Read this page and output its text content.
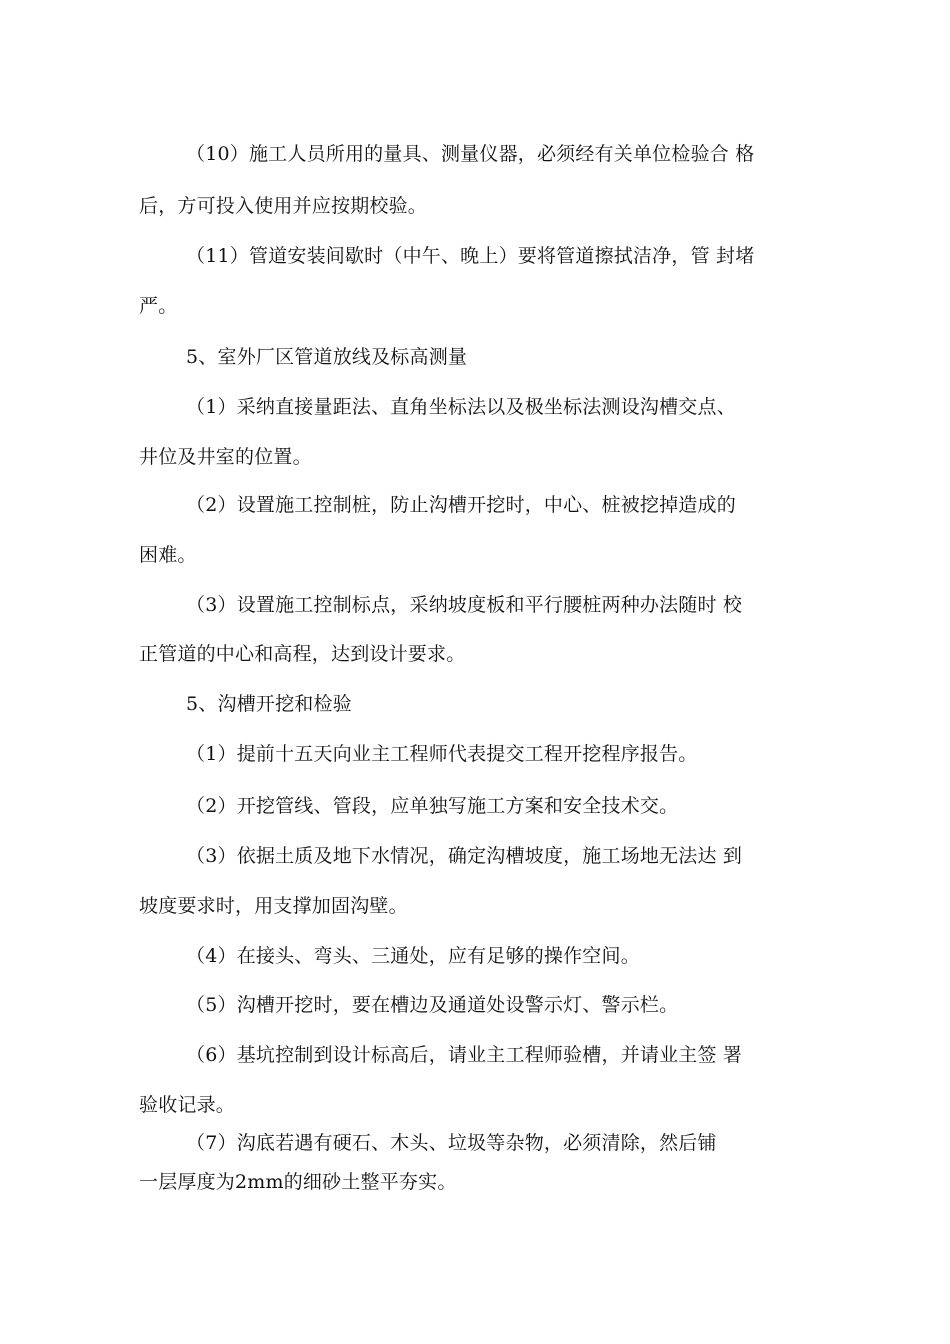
（10）施工人员所用的量具、测量仪器，必须经有关单位检验合 格
后，方可投入使用并应按期校验。
（11）管道安装间歇时（中午、晚上）要将管道擦拭洁净，管 封堵
严。
5、室外厂区管道放线及标高测量
（1）采纳直接量距法、直角坐标法以及极坐标法测设沟槽交点、
井位及井室的位置。
（2）设置施工控制桩，防止沟槽开挖时，中心、桩被挖掉造成的
困难。
（3）设置施工控制标点，采纳坡度板和平行腰桩两种办法随时 校
正管道的中心和高程，达到设计要求。
5、沟槽开挖和检验
（1）提前十五天向业主工程师代表提交工程开挖程序报告。
（2）开挖管线、管段，应单独写施工方案和安全技术交。
（3）依据土质及地下水情况，确定沟槽坡度，施工场地无法达 到
坡度要求时，用支撑加固沟壁。
（4）在接头、弯头、三通处，应有足够的操作空间。
（5）沟槽开挖时，要在槽边及通道处设警示灯、警示栏。
（6）基坑控制到设计标高后，请业主工程师验槽，并请业主签 署
验收记录。
（7）沟底若遇有硬石、木头、垃圾等杂物，必须清除，然后铺
一层厚度为2mm的细砂土整平夯实。
